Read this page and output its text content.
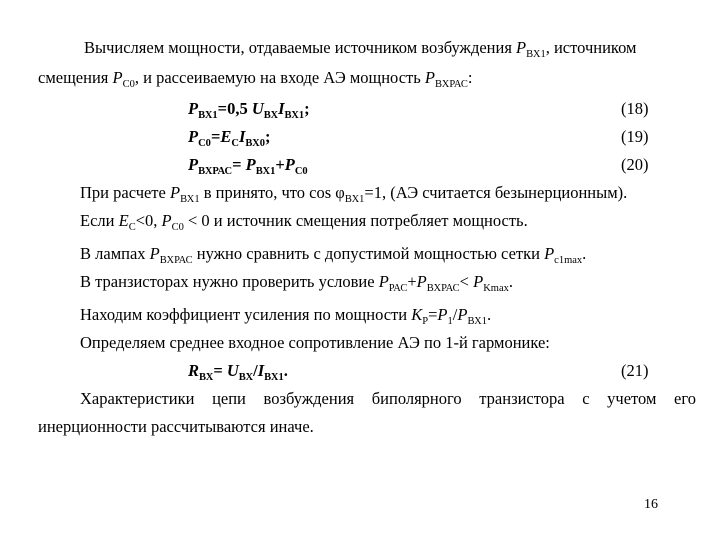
Вычисляем мощности, отдаваемые источником возбуждения $P_{ВХ1}$, источником
смещения $P_{C0}$, и рассеиваемую на входе АЭ мощность $P_{ВХРАС}$:
$P_{ВХ1}=0,5$ $U_{ВХ}I_{ВХ1}$;	(18)
$P_{C0}=E_CI_{ВХ0}$;	(19)
$P_{ВХРАС}= P_{ВХ1}+P_{C0}$	(20)
При расчете $P_{ВХ1}$ в принято, что $\cos \varphi_{ВХ1}=1$, (АЭ считается безынерционным).
Если $E_C<0$, $P_{C0} < 0$ и источник смещения потребляет мощность.
В лампах $P_{ВХРАС}$ нужно сравнить с допустимой мощностью сетки $P_{c1max}$.
В транзисторах нужно проверить условие $P_{РАС}+P_{ВХРАС}< P_{Kmax}$.
Находим коэффициент усиления по мощности $K_P=P_1/P_{ВХ1}$.
Определяем среднее входное сопротивление АЭ по 1-й гармонике:
$R_{ВХ}= U_{ВХ}/I_{ВХ1}$.	(21)
Характеристики цепи возбуждения биполярного транзистора с учетом его
инерционности рассчитываются иначе.
16
